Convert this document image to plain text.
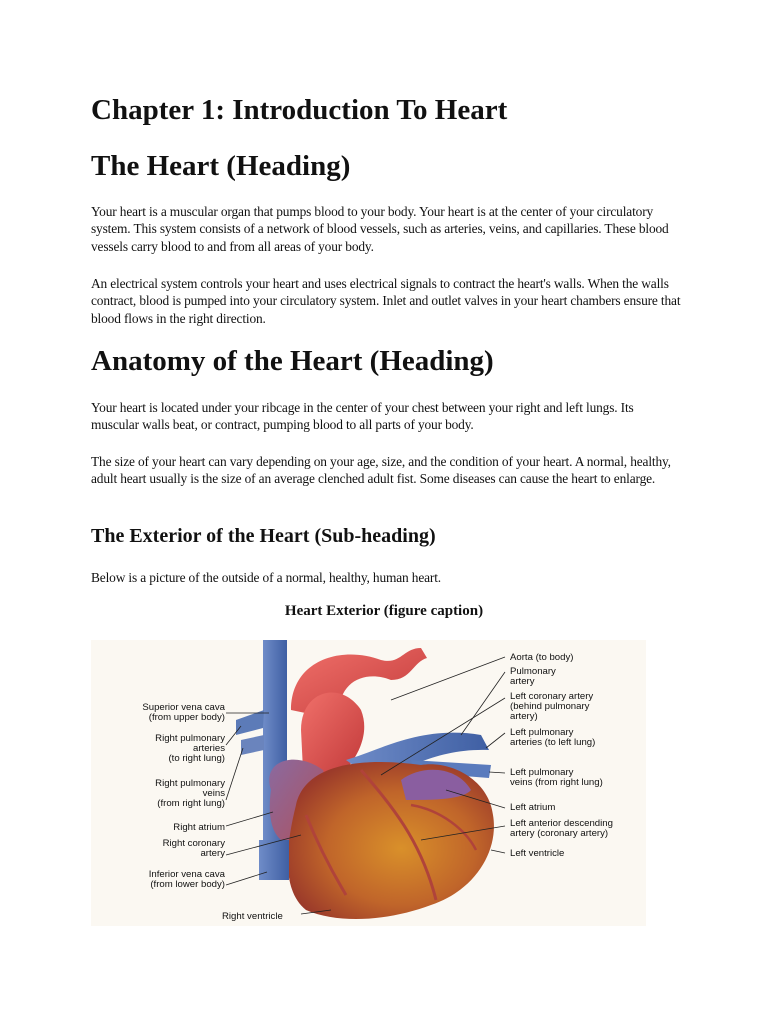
Chapter 1: Introduction To Heart
The Heart (Heading)

Your heart is a muscular organ that pumps blood to your body. Your heart is at the center of your circulatory system. This system consists of a network of blood vessels, such as arteries, veins, and capillaries. These blood vessels carry blood to and from all areas of your body.

An electrical system controls your heart and uses electrical signals to contract the heart's walls. When the walls contract, blood is pumped into your circulatory system. Inlet and outlet valves in your heart chambers ensure that blood flows in the right direction.

Anatomy of the Heart (Heading)

Your heart is located under your ribcage in the center of your chest between your right and left lungs. Its muscular walls beat, or contract, pumping blood to all parts of your body.

The size of your heart can vary depending on your age, size, and the condition of your heart. A normal, healthy, adult heart usually is the size of an average clenched adult fist. Some diseases can cause the heart to enlarge.

The Exterior of the Heart (Sub-heading)

Below is a picture of the outside of a normal, healthy, human heart.

Heart Exterior (figure caption)

Superior vena cava (from upper body)
Right pulmonary arteries (to right lung)
Right pulmonary veins (from right lung)
Right atrium
Right coronary artery
Inferior vena cava (from lower body)
Aorta (to body)
Pulmonary artery
Left coronary artery (behind pulmonary artery)
Left pulmonary arteries (to left lung)
Left pulmonary veins (from right lung)
Left atrium
Left anterior descending artery (coronary artery)
Left ventricle
Right ventricle
